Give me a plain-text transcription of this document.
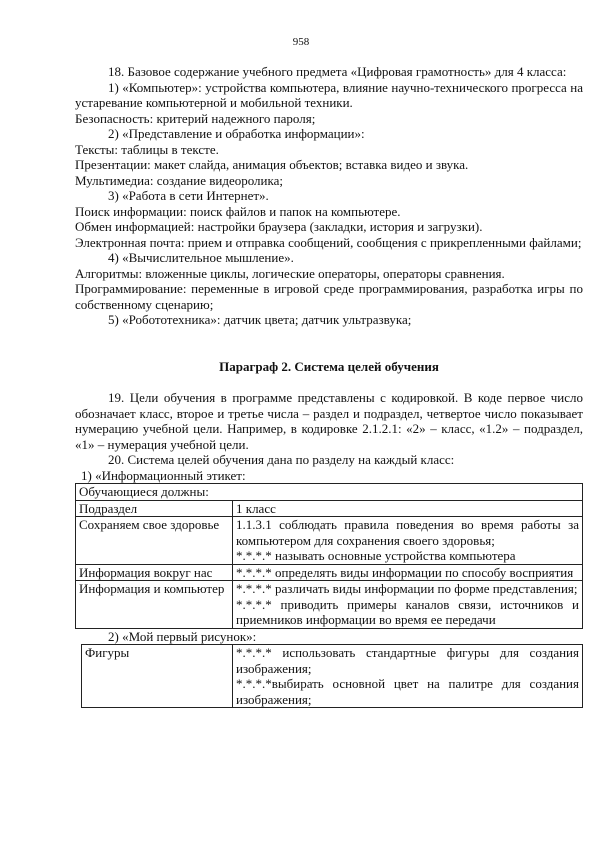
958

18. Базовое содержание учебного предмета «Цифровая грамотность» для 4 класса:

1) «Компьютер»: устройства компьютера, влияние научно-технического прогресса на устаревание компьютерной и мобильной техники.

Безопасность: критерий надежного пароля;

2) «Представление и обработка информации»:

Тексты: таблицы в тексте.

Презентации: макет слайда, анимация объектов; вставка видео и звука.

Мультимедиа: создание видеоролика;

3) «Работа в сети Интернет».

Поиск информации: поиск файлов и папок на компьютере.

Обмен информацией: настройки браузера (закладки, история и загрузки).

Электронная почта: прием и отправка сообщений, сообщения с прикрепленными файлами;

4) «Вычислительное мышление».

Алгоритмы: вложенные циклы, логические операторы, операторы сравнения.

Программирование: переменные в игровой среде программирования, разработка игры по собственному сценарию;

5) «Робототехника»: датчик цвета; датчик ультразвука;

Параграф 2. Система целей обучения

19. Цели обучения в программе представлены с кодировкой. В коде первое число обозначает класс, второе и третье числа – раздел и подраздел, четвертое число показывает нумерацию учебной цели. Например, в кодировке 2.1.2.1: «2» – класс, «1.2» – подраздел, «1» – нумерация учебной цели.

20. Система целей обучения дана по разделу на каждый класс:

1) «Информационный этикет:

Обучающиеся должны:	
Подраздел	1 класс
Сохраняем свое здоровье	1.1.3.1 соблюдать правила поведения во время работы за компьютером для сохранения своего здоровья;

*.*.*.* называть основные устройства компьютера

Информация вокруг нас	*.*.*.* определять виды информации по способу восприятия

Информация и компьютер	*.*.*.* различать виды информации по форме представления;

*.*.*.* приводить примеры каналов связи, источников и приемников информации во время ее передачи

2) «Мой первый рисунок»:

Фигуры	*.*.*.* использовать стандартные фигуры для создания изображения;

*.*.*.*выбирать основной цвет на палитре для создания изображения;
